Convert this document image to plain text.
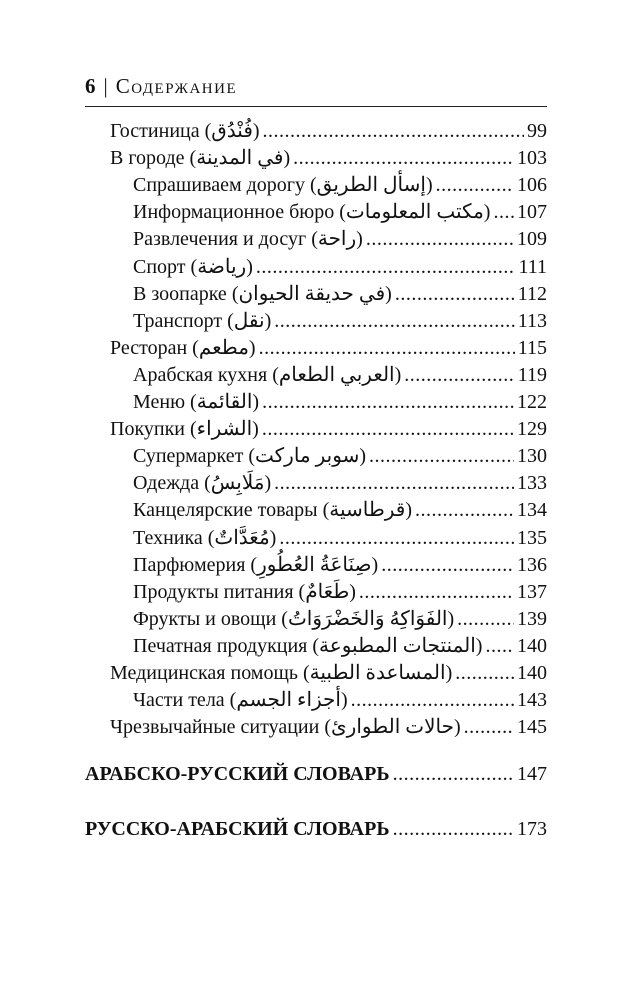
6 | Содержание
Гостиница (فُنْدُق) .....	99
В городе (في المدينة) .....	103
Спрашиваем дорогу (إسأل الطريق) .....	106
Информационное бюро (مكتب المعلومات) ..... 107
Развлечения и досуг (راحة) .....	109
Спорт (رياضة) .....	111
В зоопарке (في حديقة الحيوان) .....	112
Транспорт (نقل) .....	113
Ресторан (مطعم) .....	115
Арабская кухня (العربي الطعام) .....	119
Меню (القائمة) .....	122
Покупки (الشراء) .....	129
Супермаркет (سوبر ماركت) .....	130
Одежда (مَلَابِسُ) .....	133
Канцелярские товары (قرطاسية) .....	134
Техника (مُعَدَّاتٌ) .....	135
Парфюмерия (صِنَاعَةُ العُطُورِ) .....	136
Продукты питания (طَعَامٌ) .....	137
Фрукты и овощи (الفَوَاكِهُ وَالخَضْرَوَاتُ) .....	139
Печатная продукция (المنتجات المطبوعة) ..... 140
Медицинская помощь (المساعدة الطبية) .....	140
Части тела (أجزاء الجسم) .....	143
Чрезвычайные ситуации (حالات الطوارئ) .....	145
АРАБСКО-РУССКИЙ СЛОВАРЬ .....	147
РУССКО-АРАБСКИЙ СЛОВАРЬ .....	173
